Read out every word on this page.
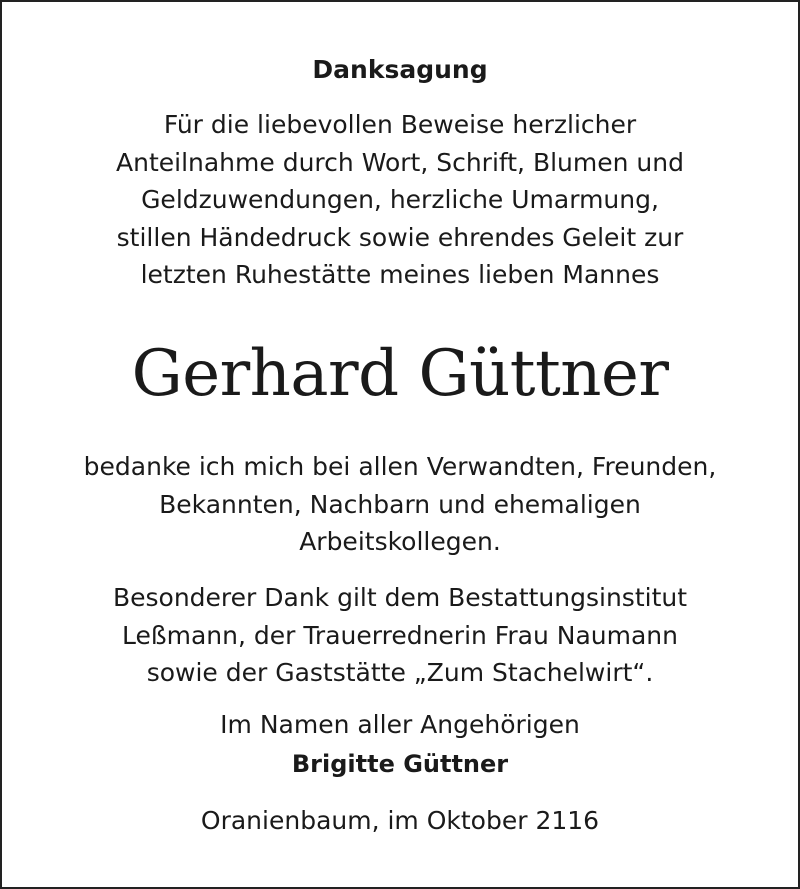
Danksagung
Für die liebevollen Beweise herzlicher
Anteilnahme durch Wort, Schrift, Blumen und
Geldzuwendungen, herzliche Umarmung,
stillen Händedruck sowie ehrendes Geleit zur
letzten Ruhestätte meines lieben Mannes
Gerhard Güttner
bedanke ich mich bei allen Verwandten, Freunden,
Bekannten, Nachbarn und ehemaligen
Arbeitskollegen.
Besonderer Dank gilt dem Bestattungsinstitut
Leßmann, der Trauerrednerin Frau Naumann
sowie der Gaststätte „Zum Stachelwirt“.
Im Namen aller Angehörigen
Brigitte Güttner
Oranienbaum, im Oktober 2116
